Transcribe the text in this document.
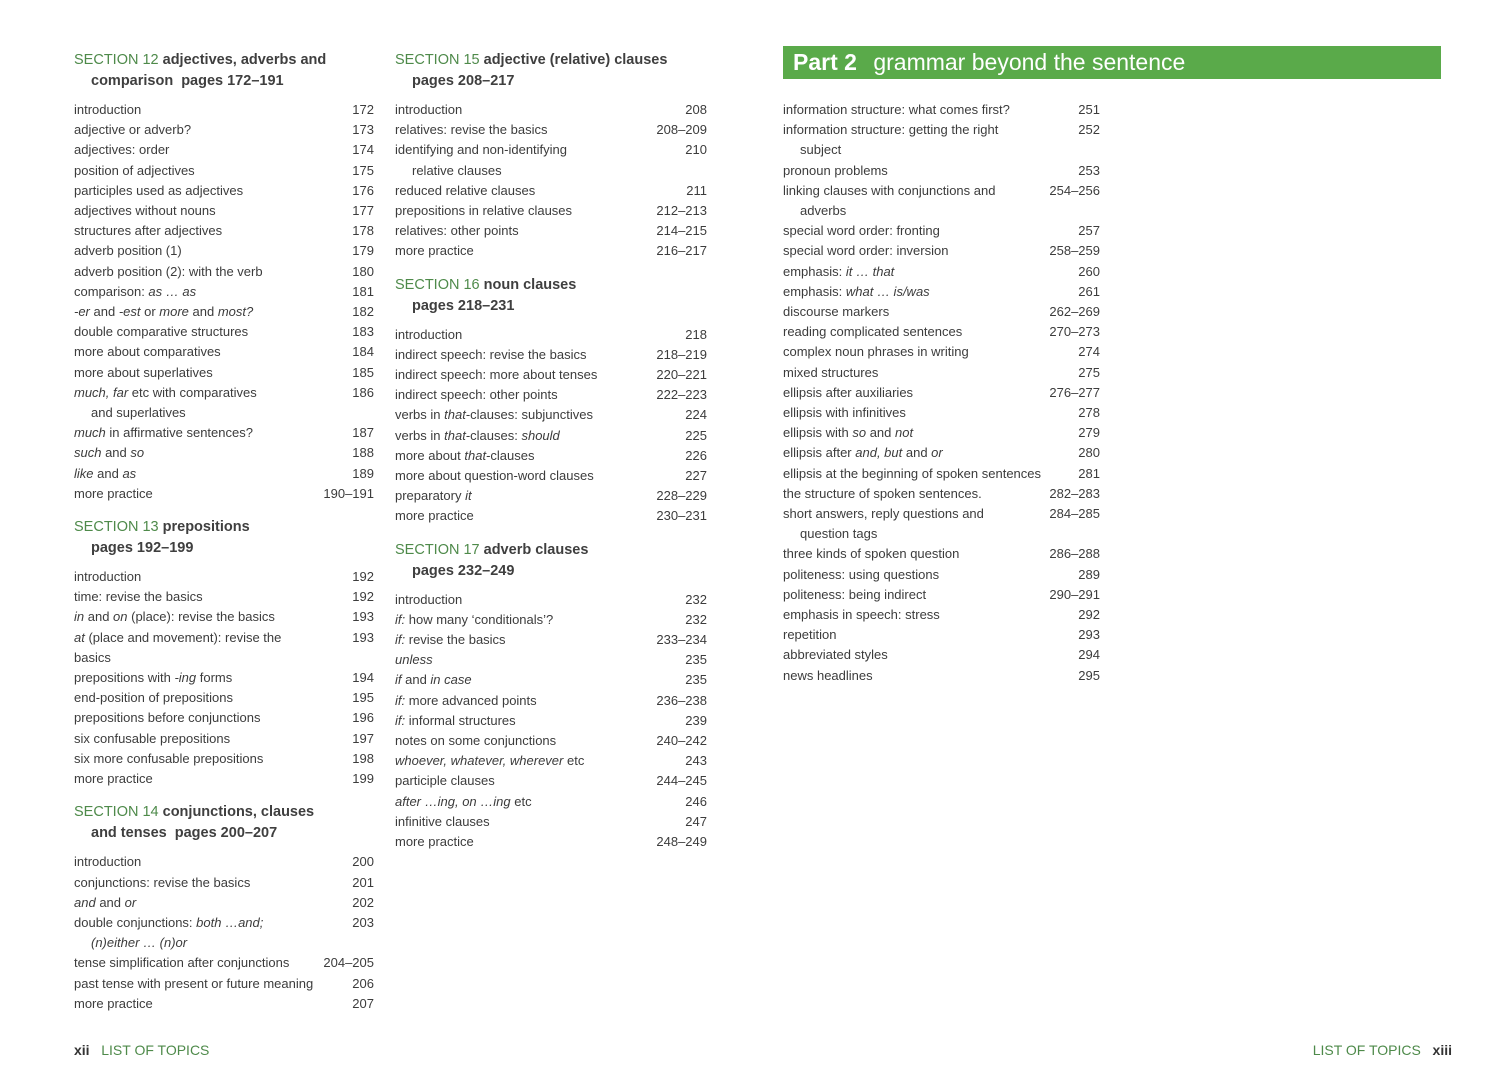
SECTION 12 adjectives, adverbs and
comparison pages 172–191
introduction	172
adjective or adverb?	173
adjectives: order	174
position of adjectives	175
participles used as adjectives	176
adjectives without nouns	177
structures after adjectives	178
adverb position (1)	179
adverb position (2): with the verb	180
comparison: as … as	181
-er and -est or more and most?	182
double comparative structures	183
more about comparatives	184
more about superlatives	185
much, far etc with comparatives
and superlatives
186
much in affirmative sentences?	187
such and so	188
like and as	189
more practice	190–191
SECTION 13 prepositions
pages 192–199
introduction	192
time: revise the basics	192
in and on (place): revise the basics	193
at (place and movement): revise the basics
193
prepositions with -ing forms	194
end-position of prepositions	195
prepositions before conjunctions	196
six confusable prepositions	197
six more confusable prepositions	198
more practice	199
SECTION 14 conjunctions, clauses
and tenses pages 200–207
introduction	200
conjunctions: revise the basics	201
and and or	202
double conjunctions: both …and;
(n)either … (n)or
203
tense simplification after conjunctions	204–205
past tense with present or future meaning	206
more practice	207
SECTION 15 adjective (relative) clauses
pages 208–217
introduction	208
relatives: revise the basics	208–209
identifying and non-identifying
relative clauses
210
reduced relative clauses	211
prepositions in relative clauses	212–213
relatives: other points	214–215
more practice	216–217
SECTION 16 noun clauses
pages 218–231
introduction	218
indirect speech: revise the basics	218–219
indirect speech: more about tenses	220–221
indirect speech: other points	222–223
verbs in that-clauses: subjunctives	224
verbs in that-clauses: should	225
more about that-clauses	226
more about question-word clauses	227
preparatory it	228–229
more practice	230–231
SECTION 17 adverb clauses
pages 232–249
introduction	232
if: how many ‘conditionals’?	232
if: revise the basics	233–234
unless	235
if and in case	235
if: more advanced points	236–238
if: informal structures	239
notes on some conjunctions	240–242
whoever, whatever, wherever etc	243
participle clauses	244–245
after …ing, on …ing etc	246
infinitive clauses	247
more practice	248–249
Part 2 grammar beyond the sentence
information structure: what comes first?	251
information structure: getting the right
subject
252
pronoun problems	253
linking clauses with conjunctions and
adverbs
254–256
special word order: fronting	257
special word order: inversion	258–259
emphasis: it … that	260
emphasis: what … is/was	261
discourse markers	262–269
reading complicated sentences	270–273
complex noun phrases in writing	274
mixed structures	275
ellipsis after auxiliaries	276–277
ellipsis with infinitives	278
ellipsis with so and not	279
ellipsis after and, but and or	280
ellipsis at the beginning of spoken sentences	281
the structure of spoken sentences.	282–283
short answers, reply questions and
question tags
284–285
three kinds of spoken question	286–288
politeness: using questions	289
politeness: being indirect	290–291
emphasis in speech: stress	292
repetition	293
abbreviated styles	294
news headlines	295
xii LIST OF TOPICS	LIST OF TOPICS xiii
